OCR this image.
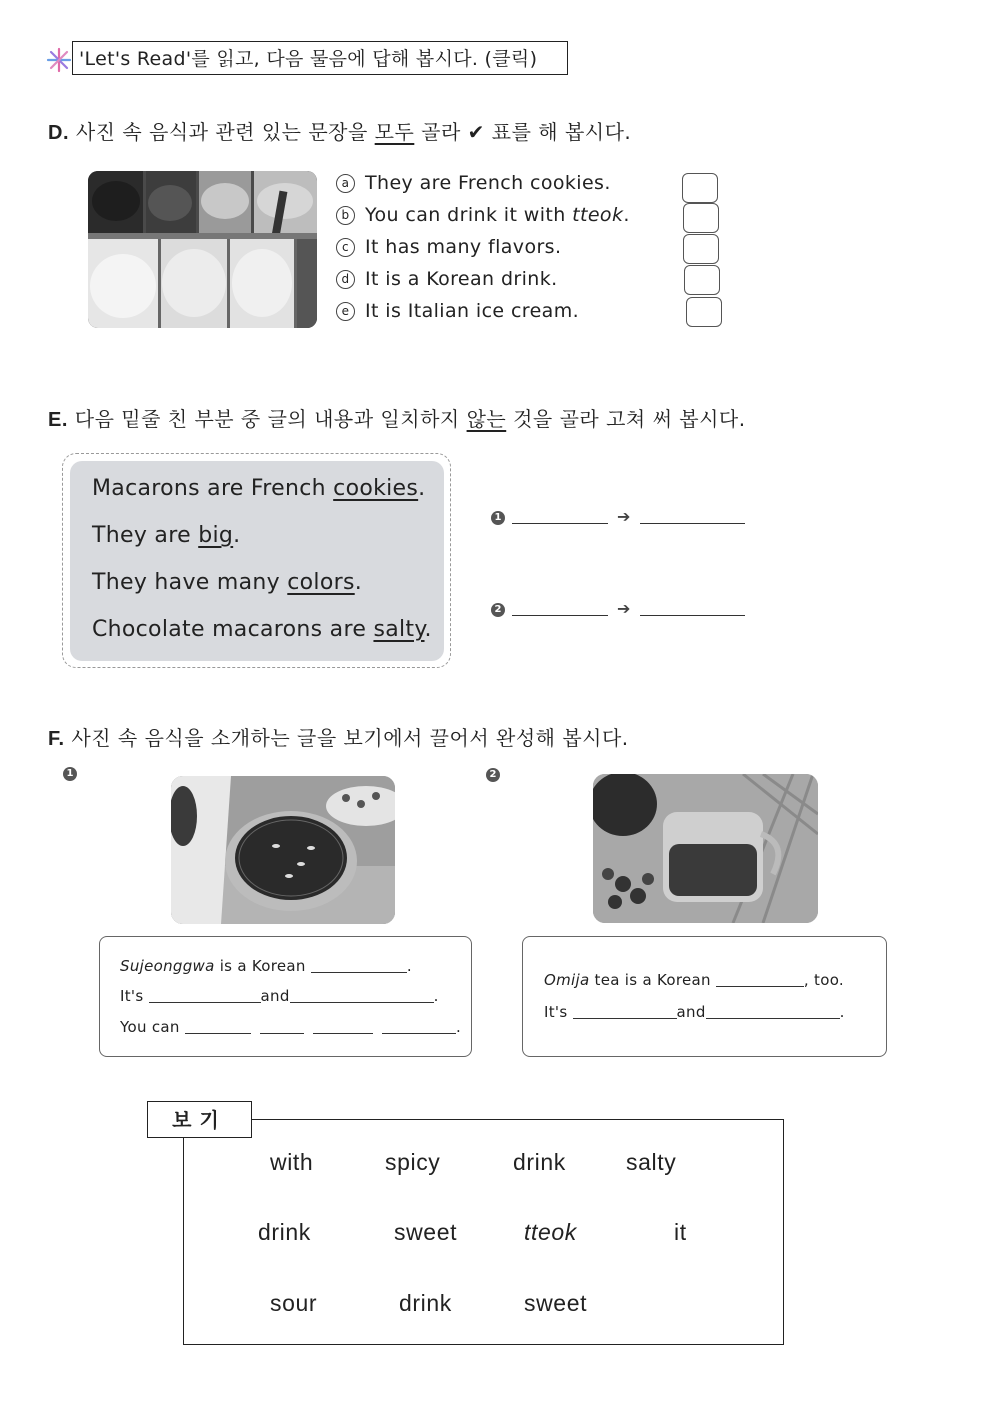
'Let's Read'를 읽고, 다음 물음에 답해 봅시다. (클릭)
D. 사진 속 음식과 관련 있는 문장을 모두 골라 ✔ 표를 해 봅시다.
a They are French cookies.
b You can drink it with tteok.
c It has many flavors.
d It is a Korean drink.
e It is Italian ice cream.
E. 다음 밑줄 친 부분 중 글의 내용과 일치하지 않는 것을 골라 고쳐 써 봅시다.
Macarons are French cookies.
They are big.
They have many colors.
Chocolate macarons are salty.
1	➔
2	➔
F. 사진 속 음식을 소개하는 글을 보기에서 끌어서 완성해 봅시다.
1	2
Sujeonggwa is a Korean	.
It's	and	.
You can	.
Omija tea is a Korean	, too.
It's	and	.
보기
with	spicy	drink	salty
drink	sweet	tteok	it
sour	drink	sweet
